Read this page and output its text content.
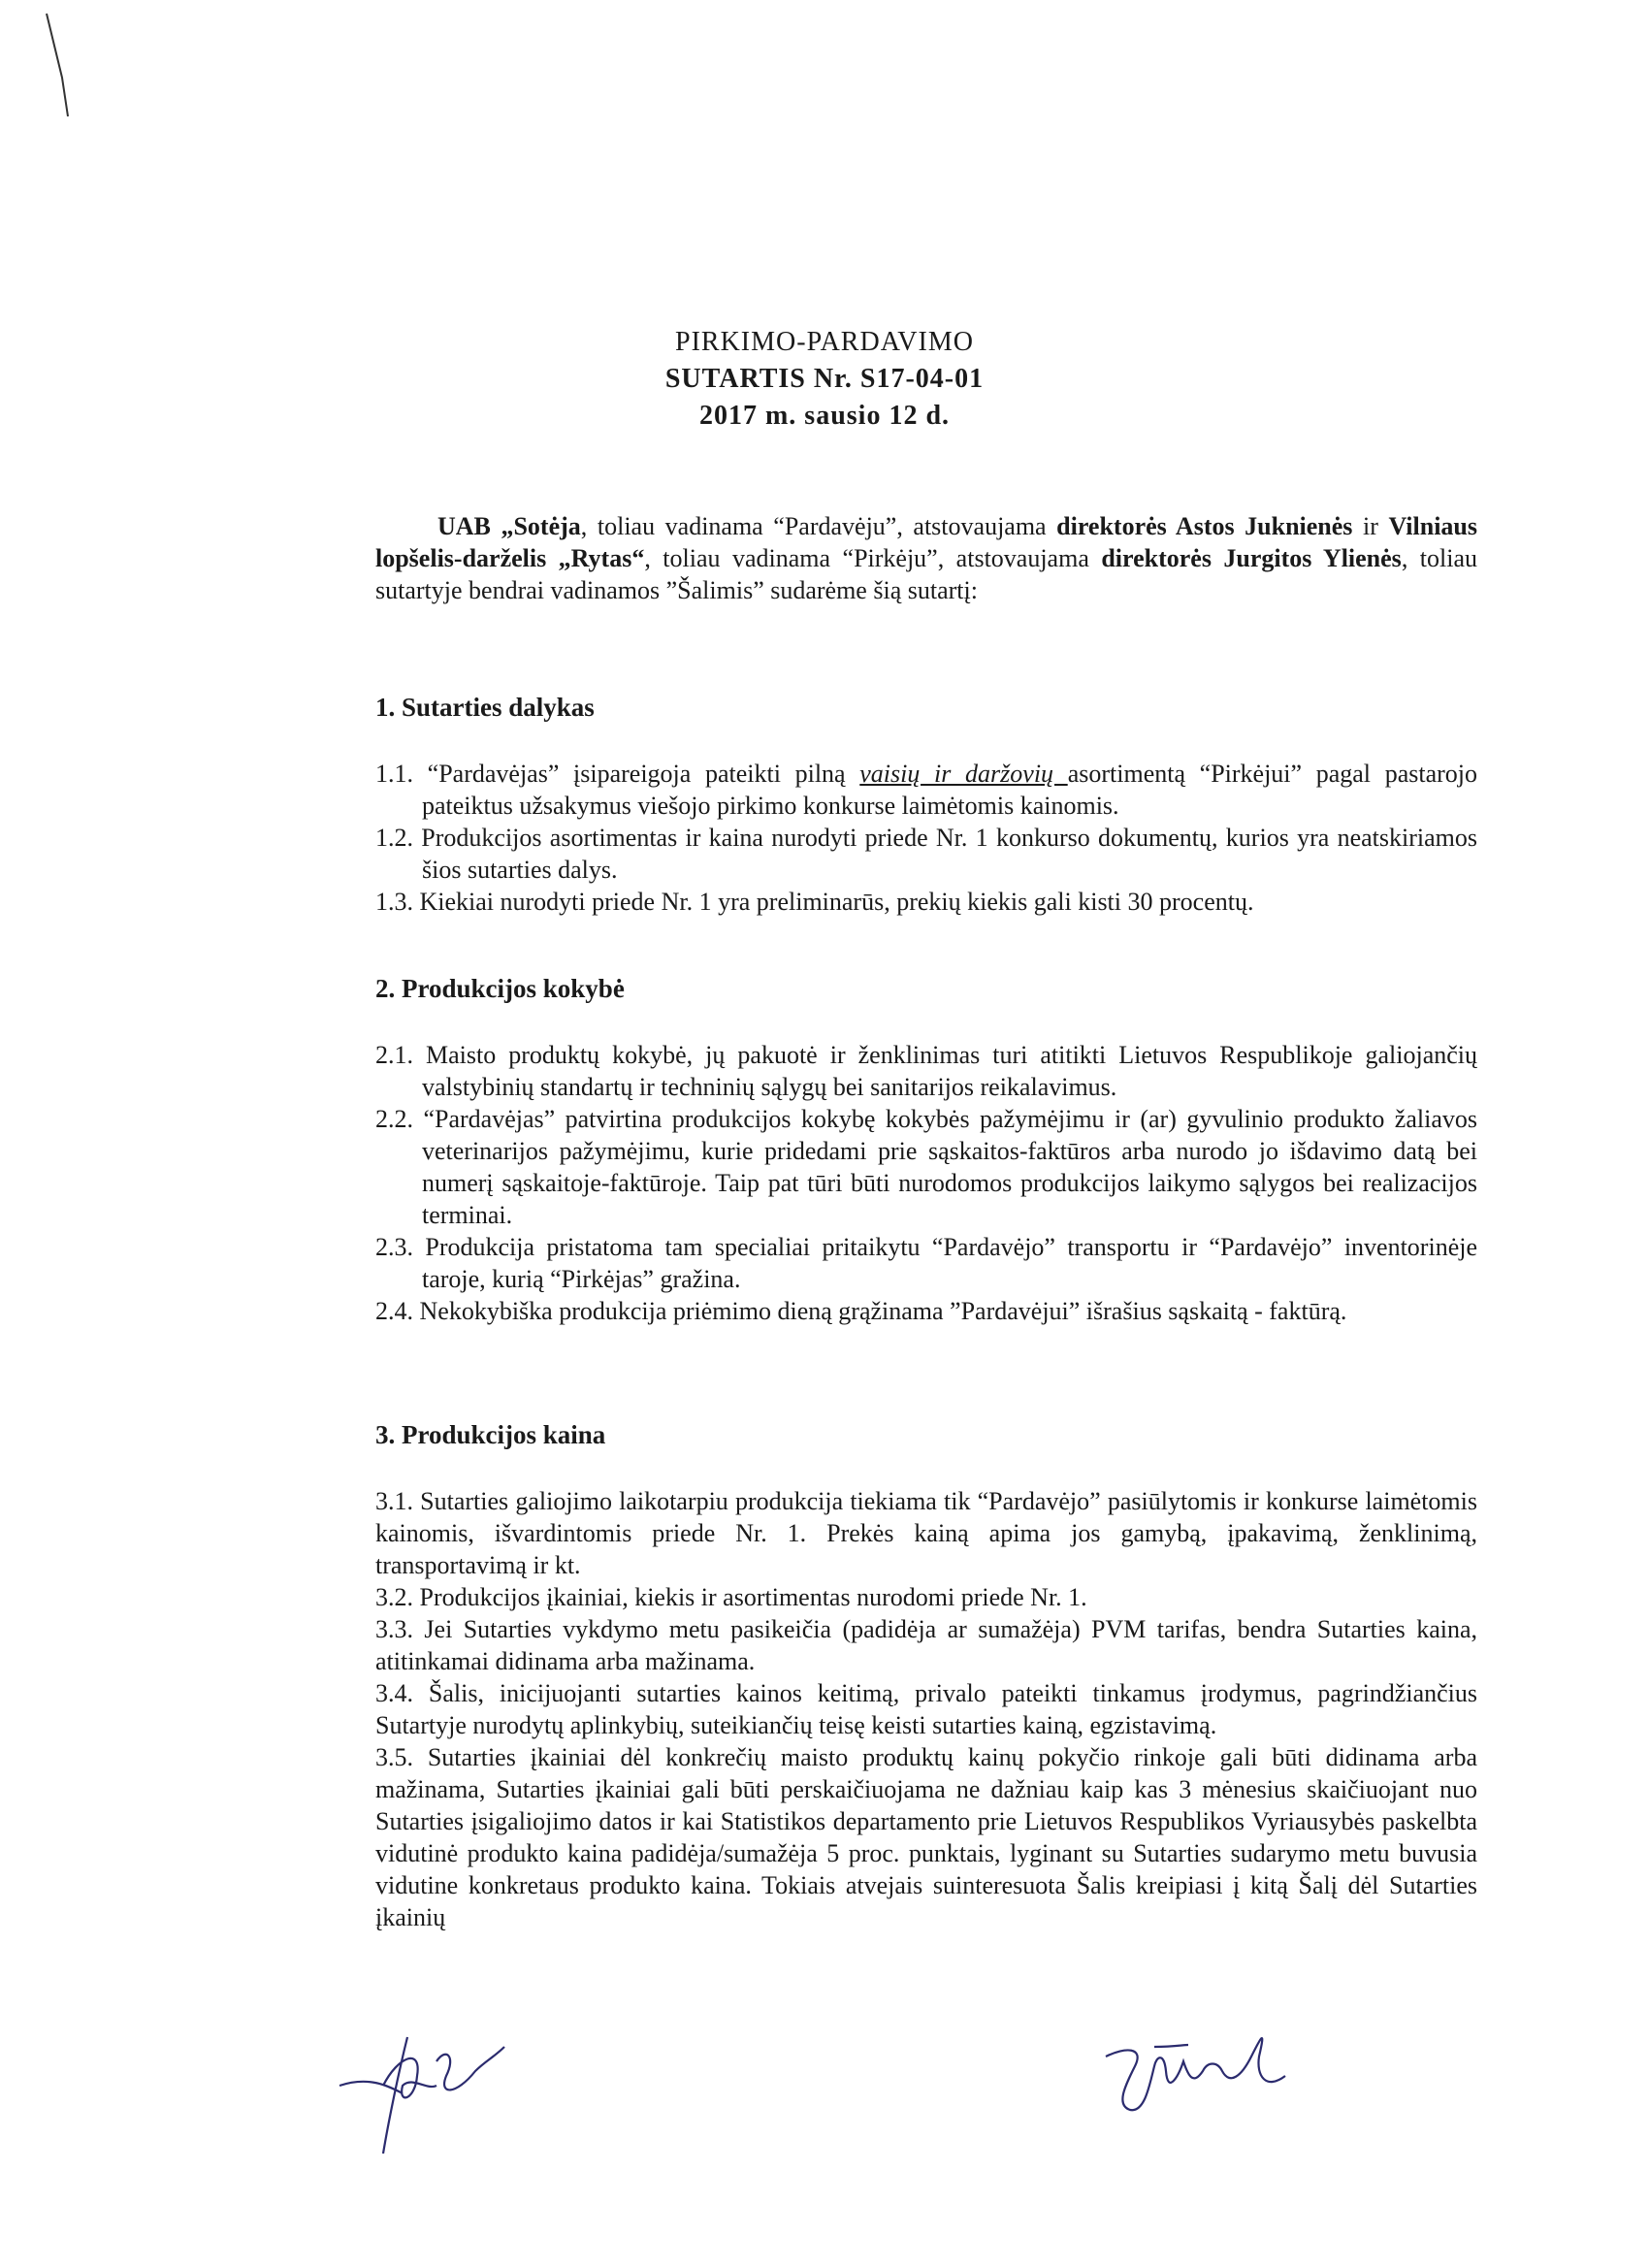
PIRKIMO-PARDAVIMO
SUTARTIS Nr. S17-04-01
2017 m. sausio 12 d.
UAB „Sotėja, toliau vadinama “Pardavėju”, atstovaujama direktorės Astos Juknienės ir Vilniaus lopšelis-darželis „Rytas“, toliau vadinama “Pirkėju”, atstovaujama direktorės Jurgitos Ylienės, toliau sutartyje bendrai vadinamos ”Šalimis” sudarėme šią sutartį:
1. Sutarties dalykas
1.1. “Pardavėjas” įsipareigoja pateikti pilną vaisių ir daržovių asortimentą “Pirkėjui” pagal pastarojo pateiktus užsakymus viešojo pirkimo konkurse laimėtomis kainomis.
1.2. Produkcijos asortimentas ir kaina nurodyti priede Nr. 1 konkurso dokumentų, kurios yra neatskiriamos šios sutarties dalys.
1.3. Kiekiai nurodyti priede Nr. 1 yra preliminarūs, prekių kiekis gali kisti 30 procentų.
2. Produkcijos kokybė
2.1. Maisto produktų kokybė, jų pakuotė ir ženklinimas turi atitikti Lietuvos Respublikoje galiojančių valstybinių standartų ir techninių sąlygų bei sanitarijos reikalavimus.
2.2. “Pardavėjas” patvirtina produkcijos kokybę kokybės pažymėjimu ir (ar) gyvulinio produkto žaliavos veterinarijos pažymėjimu, kurie pridedami prie sąskaitos-faktūros arba nurodo jo išdavimo datą bei numerį sąskaitoje-faktūroje. Taip pat tūri būti nurodomos produkcijos laikymo sąlygos bei realizacijos terminai.
2.3. Produkcija pristatoma tam specialiai pritaikytu “Pardavėjo” transportu ir “Pardavėjo” inventorinėje taroje, kurią “Pirkėjas” gražina.
2.4. Nekokybiška produkcija priėmimo dieną grąžinama ”Pardavėjui” išrašius sąskaitą - faktūrą.
3. Produkcijos kaina
3.1. Sutarties galiojimo laikotarpiu produkcija tiekiama tik “Pardavėjo” pasiūlytomis ir konkurse laimėtomis kainomis, išvardintomis priede Nr. 1. Prekės kainą apima jos gamybą, įpakavimą, ženklinimą, transportavimą ir kt.
3.2. Produkcijos įkainiai, kiekis ir asortimentas nurodomi priede Nr. 1.
3.3. Jei Sutarties vykdymo metu pasikeičia (padidėja ar sumažėja) PVM tarifas, bendra Sutarties kaina, atitinkamai didinama arba mažinama.
3.4. Šalis, inicijuojanti sutarties kainos keitimą, privalo pateikti tinkamus įrodymus, pagrindžiančius Sutartyje nurodytų aplinkybių, suteikiančių teisę keisti sutarties kainą, egzistavimą.
3.5. Sutarties įkainiai dėl konkrečių maisto produktų kainų pokyčio rinkoje gali būti didinama arba mažinama, Sutarties įkainiai gali būti perskaičiuojama ne dažniau kaip kas 3 mėnesius skaičiuojant nuo Sutarties įsigaliojimo datos ir kai Statistikos departamento prie Lietuvos Respublikos Vyriausybės paskelbta vidutinė produkto kaina padidėja/sumažėja 5 proc. punktais, lyginant su Sutarties sudarymo metu buvusia vidutine konkretaus produkto kaina. Tokiais atvejais suinteresuota Šalis kreipiasi į kitą Šalį dėl Sutarties įkainių
